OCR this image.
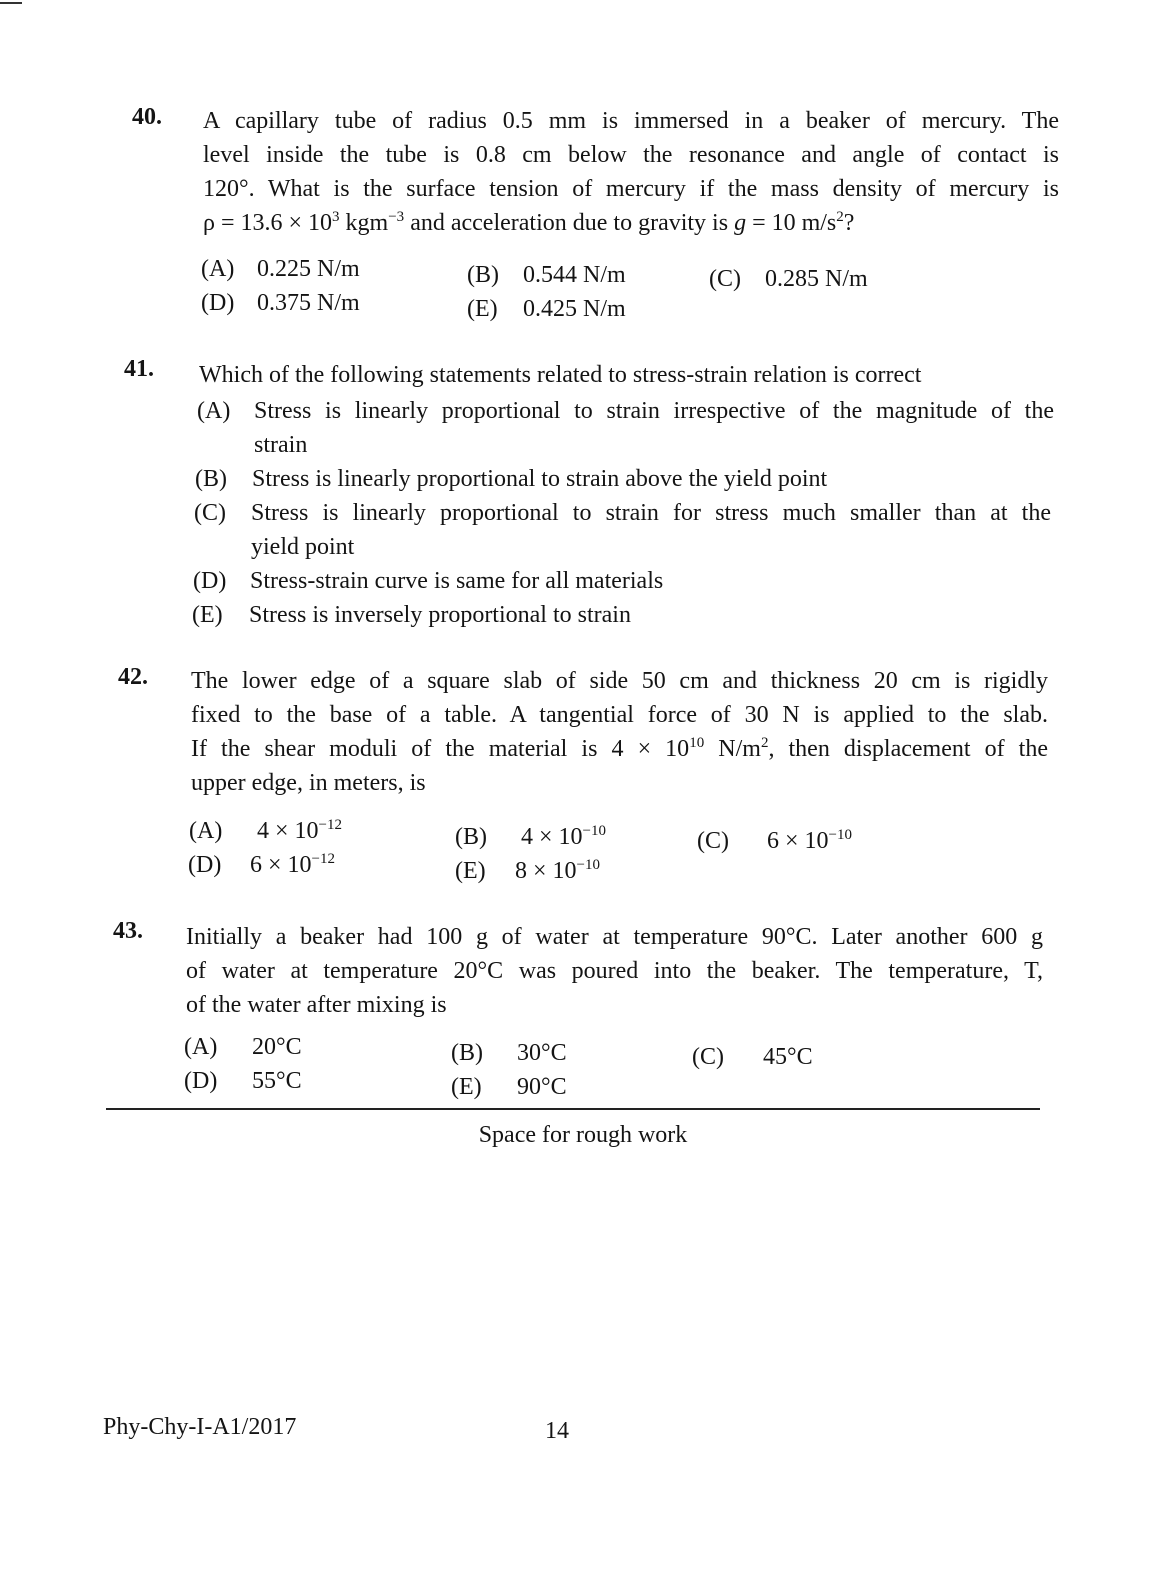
40. A capillary tube of radius 0.5 mm is immersed in a beaker of mercury. The
level inside the tube is 0.8 cm below the resonance and angle of contact is
120°. What is the surface tension of mercury if the mass density of mercury is
$\rho = 13.6 \times 10^3$ kgm$^{-3}$ and acceleration due to gravity is g = 10 $m/s^2$?
(A) 0.225 N/m	(B) 0.544 N/m	(C) 0.285 N/m
(D) 0.375 N/m	(E) 0.425 N/m
41. Which of the following statements related to stress-strain relation is correct
(A) Stress is linearly proportional to strain irrespective of the magnitude of the
strain
(B) Stress is linearly proportional to strain above the yield point
(C) Stress is linearly proportional to strain for stress much smaller than at the
yield point
(D) Stress-strain curve is same for all materials
(E) Stress is inversely proportional to strain
42. The lower edge of a square slab of side 50 cm and thickness 20 cm is rigidly
fixed to the base of a table. A tangential force of 30 N is applied to the slab.
If the shear moduli of the material is $4 \times 10^{10}$ $N/m^2$, then displacement of the
upper edge, in meters, is
(A) $4 \times 10^{-12}$	(B) $4 \times 10^{-10}$	(C) $6 \times 10^{-10}$
(D) $6 \times 10^{-12}$	(E) $8 \times 10^{-10}$
43. Initially a beaker had 100 g of water at temperature 90°C. Later another 600 g
of water at temperature 20°C was poured into the beaker. The temperature, T,
of the water after mixing is
(A) 20°C	(B) 30°C	(C) 45°C
(D) 55°C	(E) 90°C
Space for rough work
Phy-Chy-I-A1/2017	14
